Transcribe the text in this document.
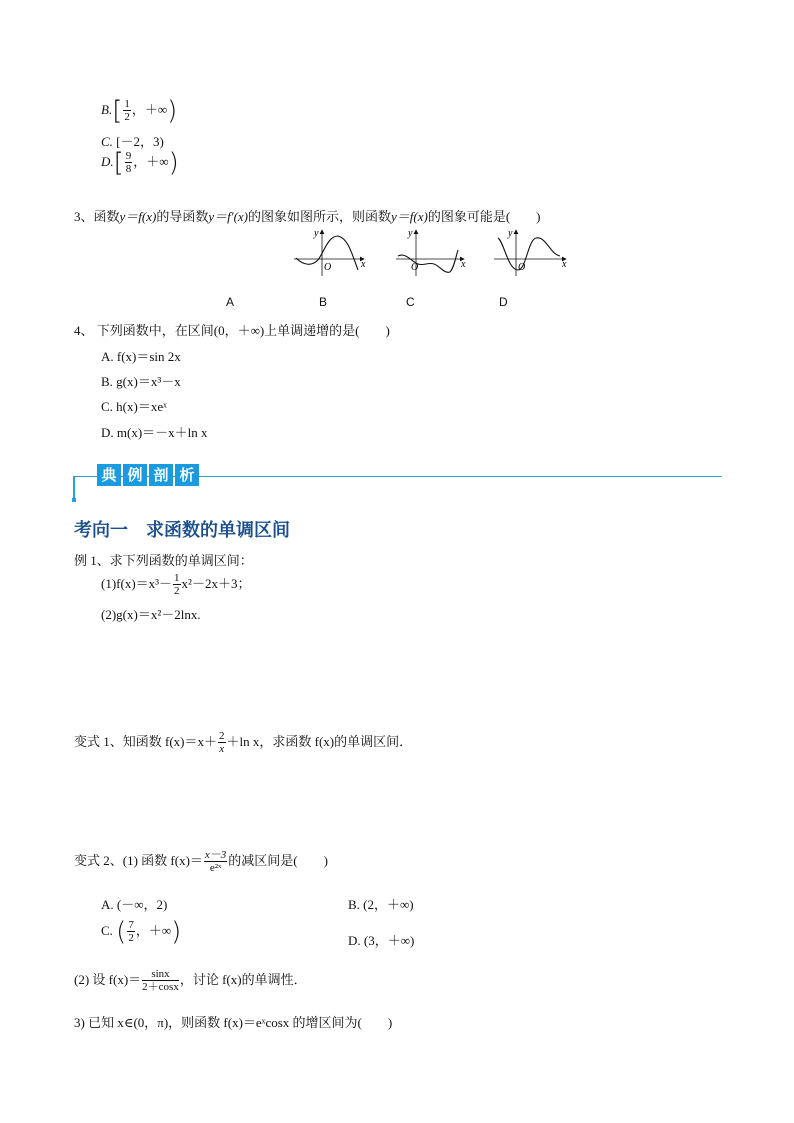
$B.[ \frac{1}{2}$ ，＋∞)
C. [－2，3)
$D.[ \frac{9}{8}$ ，＋∞)
3、函数y＝f(x)的导函数y＝f′(x)的图象如图所示，则函数y＝f(x)的图象可能是(　　)
y
x
O
y
x
O
y
x
O
A	B	C	D
4、 下列函数中，在区间(0，＋∞)上单调递增的是(　　)
A. f(x)＝sin 2x
B. g(x)＝x³－x
C. h(x)＝xeˣ
D. m(x)＝－x＋ln x
典 例 剖 析
考向一　求函数的单调区间
例 1、求下列函数的单调区间：
$(1)f(x)=x^3- \frac{1}{2} x^2-2x+3$；
(2)g(x)＝x²－2lnx.
变式 1、知函数 $f(x)=x+ \frac{2}{x} +\ln$ x，求函数 f(x)的单调区间．
变式 2、(1) 函数 $f(x)= \frac{x-3}{\text{e²ˣ}}$ 的减区间是(　　)
A. (－∞，2)	B. (2，＋∞)
C. ( $\frac{7}{2}$ ，＋∞)	D. (3，＋∞)
(2) 设 $f(x)= \frac{\sin x}{2+\cos x}$ ，讨论 f(x)的单调性．
3) 已知 x∈(0，π)，则函数 f(x)＝eˣcosx 的增区间为(　　)
